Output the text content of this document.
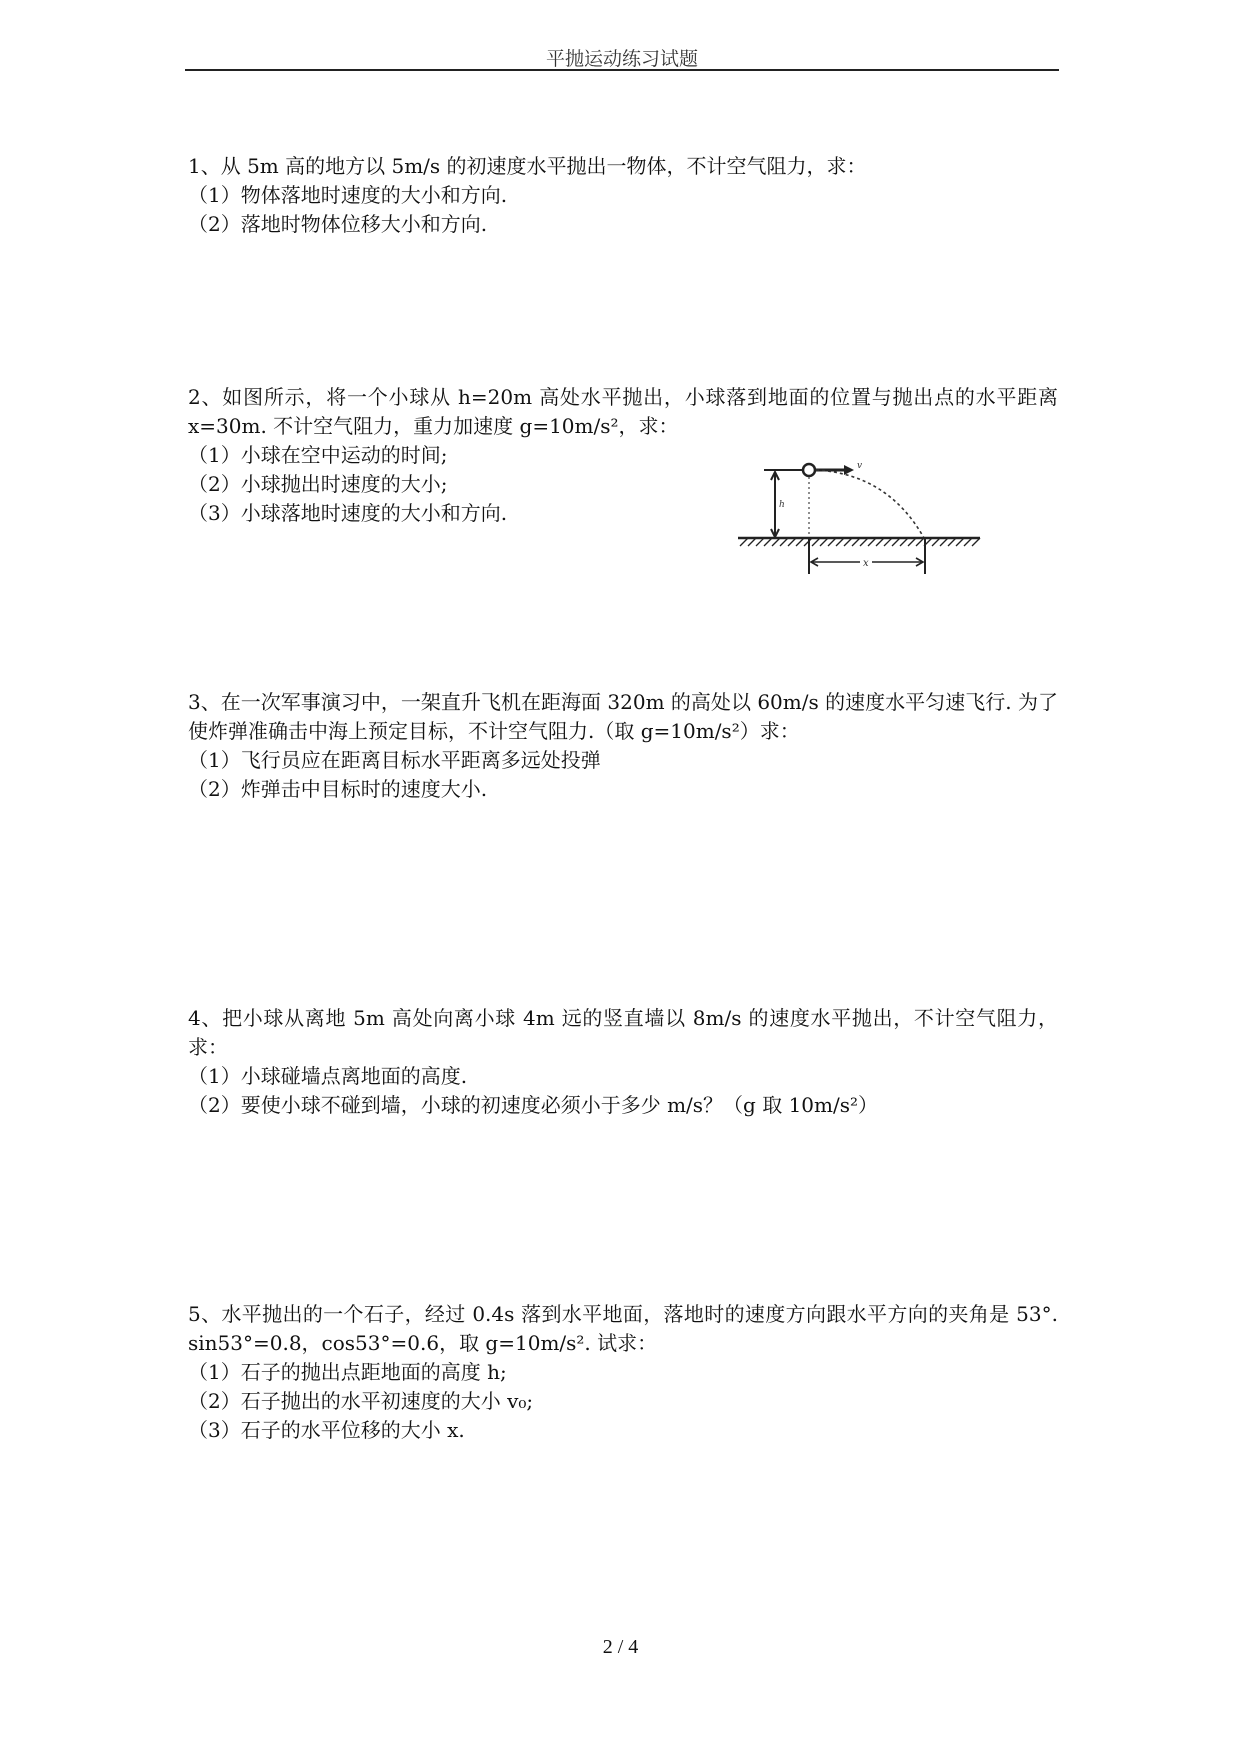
平抛运动练习试题
1、从 5m 高的地方以 5m/s 的初速度水平抛出一物体，不计空气阻力，求：
（1）物体落地时速度的大小和方向.
（2）落地时物体位移大小和方向.
2、如图所示，将一个小球从 h=20m 高处水平抛出，小球落到地面的位置与抛出点的水平距离 x=30m. 不计空气阻力，重力加速度 g=10m/s²，求：
（1）小球在空中运动的时间;
（2）小球抛出时速度的大小;
（3）小球落地时速度的大小和方向.	h
v
x
3、在一次军事演习中，一架直升飞机在距海面 320m 的高处以 60m/s 的速度水平匀速飞行. 为了使炸弹准确击中海上预定目标，不计空气阻力.（取 g=10m/s²）求：
（1）飞行员应在距离目标水平距离多远处投弹
（2）炸弹击中目标时的速度大小.
4、把小球从离地 5m 高处向离小球 4m 远的竖直墙以 8m/s 的速度水平抛出，不计空气阻力，求：
（1）小球碰墙点离地面的高度.
（2）要使小球不碰到墙，小球的初速度必须小于多少 m/s？（g 取 10m/s²）
5、水平抛出的一个石子，经过 0.4s 落到水平地面，落地时的速度方向跟水平方向的夹角是 53°. sin53°=0.8，cos53°=0.6，取 g=10m/s². 试求：
（1）石子的抛出点距地面的高度 h;
（2）石子抛出的水平初速度的大小 v₀;
（3）石子的水平位移的大小 x.
2 / 4
